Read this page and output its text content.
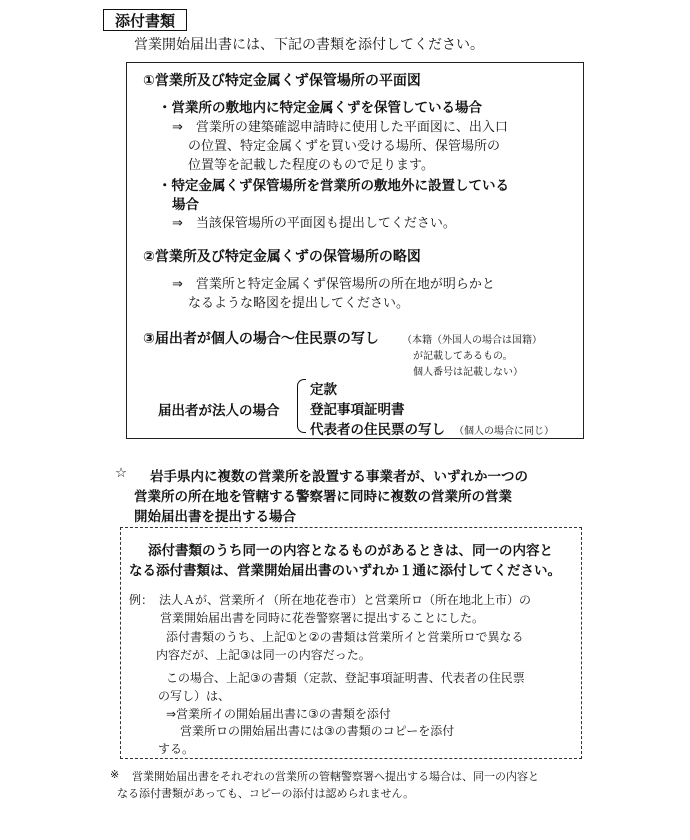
添付書類
営業開始届出書には、下記の書類を添付してください。
①営業所及び特定金属くず保管場所の平面図
・営業所の敷地内に特定金属くずを保管している場合
⇒　営業所の建築確認申請時に使用した平面図に、出入口
の位置、特定金属くずを買い受ける場所、保管場所の
位置等を記載した程度のもので足ります。
・特定金属くず保管場所を営業所の敷地外に設置している
場合
⇒　当該保管場所の平面図も提出してください。
②営業所及び特定金属くずの保管場所の略図
⇒　営業所と特定金属くず保管場所の所在地が明らかと
なるような略図を提出してください。
③届出者が個人の場合～住民票の写し （本籍（外国人の場合は国籍）
が記載してあるもの。
個人番号は記載しない）
届出者が法人の場合
定款
登記事項証明書
代表者の住民票の写し （個人の場合に同じ）
☆ 岩手県内に複数の営業所を設置する事業者が、いずれか一つの
営業所の所在地を管轄する警察署に同時に複数の営業所の営業
開始届出書を提出する場合
添付書類のうち同一の内容となるものがあるときは、同一の内容と
なる添付書類は、営業開始届出書のいずれか１通に添付してください。
例：　法人Ａが、営業所イ（所在地花巻市）と営業所ロ（所在地北上市）の
営業開始届出書を同時に花巻警察署に提出することにした。
添付書類のうち、上記①と②の書類は営業所イと営業所ロで異なる
内容だが、上記③は同一の内容だった。
この場合、上記③の書類（定款、登記事項証明書、代表者の住民票
の写し）は、
⇒営業所イの開始届出書に③の書類を添付
営業所ロの開始届出書には③の書類のコピーを添付
する。
※ 営業開始届出書をそれぞれの営業所の管轄警察署へ提出する場合は、同一の内容と
なる添付書類があっても、コピーの添付は認められません。
